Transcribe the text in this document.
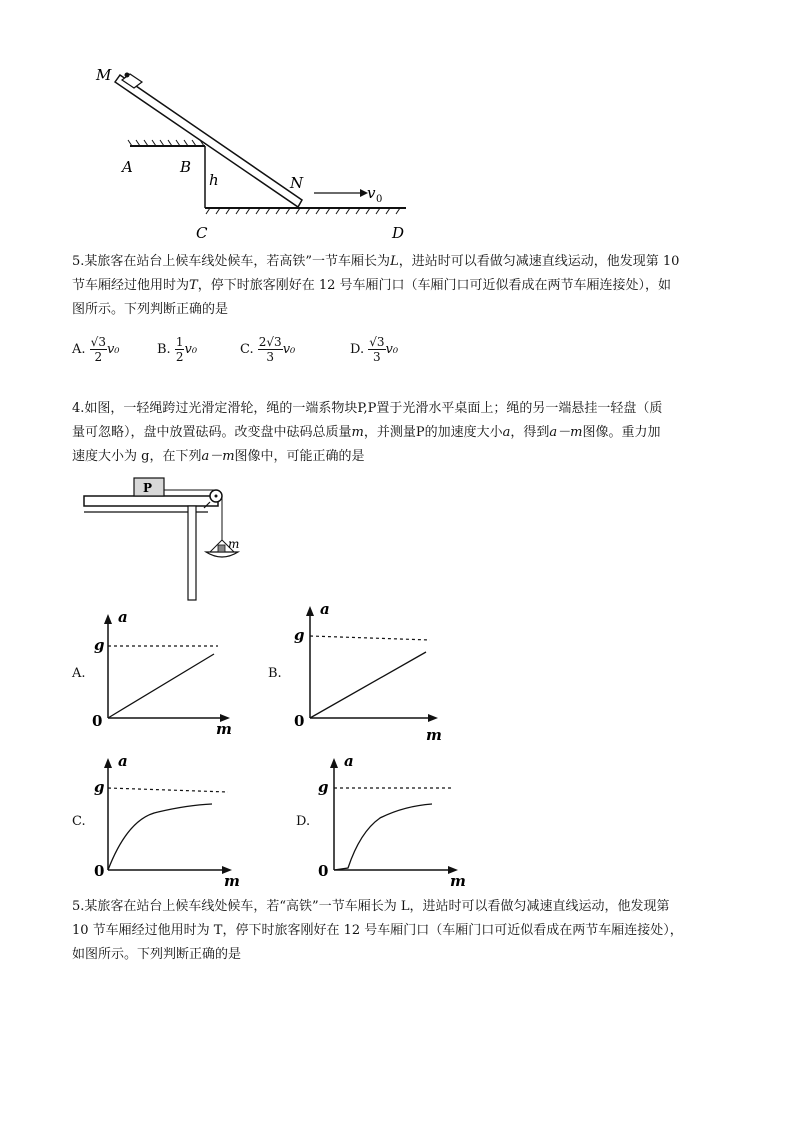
M
A	B
h	N
C	D
v 0
5.某旅客在站台上候车线处候车，若高铁”一节车厢长为L，进站时可以看做匀减速直线运动，他发现第 10
节车厢经过他用时为T，停下时旅客刚好在 12 号车厢门口（车厢门口可近似看成在两节车厢连接处），如
图所示。下列判断正确的是
A. $\frac{√3}{2} v_0$	B. $\frac{1}{2} v_0$	C. $\frac{2√3}{3} v_0$	D. $\frac{√3}{3} v_0$
4.如图，一轻绳跨过光滑定滑轮，绳的一端系物块P,P置于光滑水平桌面上；绳的另一端悬挂一轻盘（质
量可忽略），盘中放置砝码。改变盘中砝码总质量m，并测量P的加速度大小a，得到a－m图像。重力加
速度大小为 g，在下列a－m图像中，可能正确的是
P
m
A.
a
g
0	m
B.
a
g
0
m
C.
a
g
0
m
D.
a
g
0
m
5.某旅客在站台上候车线处候车，若“高铁”一节车厢长为 L，进站时可以看做匀减速直线运动，他发现第
10 节车厢经过他用时为 T，停下时旅客刚好在 12 号车厢门口（车厢门口可近似看成在两节车厢连接处），
如图所示。下列判断正确的是
